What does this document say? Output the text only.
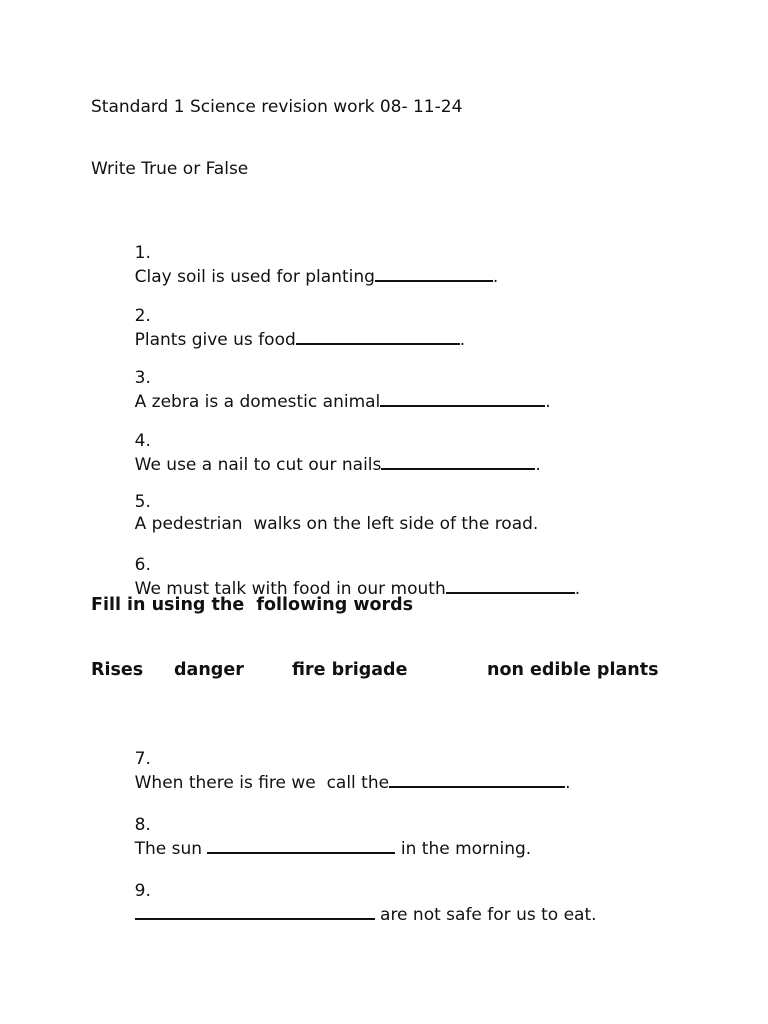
Standard 1 Science revision work 08- 11-24
Write True or False

1.
Clay soil is used for planting	.

2.
Plants give us food	.

3.
A zebra is a domestic animal	.

4.
We use a nail to cut our nails	.

5.
A pedestrian  walks on the left side of the road.

6.
We must talk with food in our mouth	.

Fill in using the  following words
Rises danger	fire brigade	non edible plants

7.
When there is fire we  call the	.

8.
The sun	in the morning.

9.
are not safe for us to eat.
